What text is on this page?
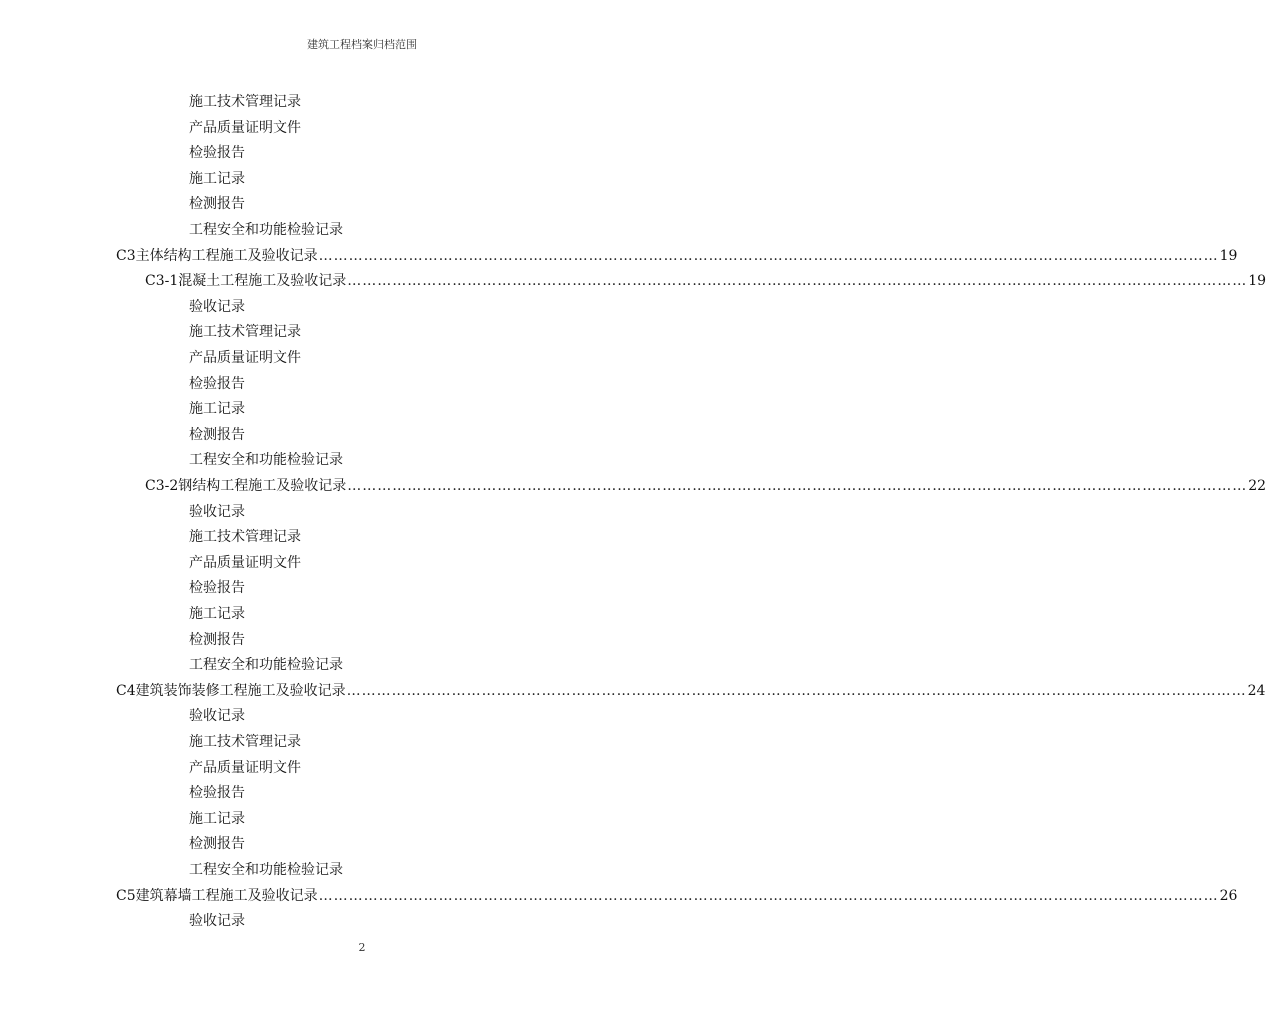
建筑工程档案归档范围
施工技术管理记录
产品质量证明文件
检验报告
施工记录
检测报告
工程安全和功能检验记录
C3 主体结构工程施工及验收记录 ……………………………………………………………………………………………………………………………………………………………… 19
C3-1 混凝土工程施工及验收记录 ……………………………………………………………………………………………………………………………………………………………… 19
验收记录
施工技术管理记录
产品质量证明文件
检验报告
施工记录
检测报告
工程安全和功能检验记录
C3-2 钢结构工程施工及验收记录 ……………………………………………………………………………………………………………………………………………………………… 22
验收记录
施工技术管理记录
产品质量证明文件
检验报告
施工记录
检测报告
工程安全和功能检验记录
C4 建筑装饰装修工程施工及验收记录 ……………………………………………………………………………………………………………………………………………………………… 24
验收记录
施工技术管理记录
产品质量证明文件
检验报告
施工记录
检测报告
工程安全和功能检验记录
C5 建筑幕墙工程施工及验收记录 ……………………………………………………………………………………………………………………………………………………………… 26
验收记录
2
